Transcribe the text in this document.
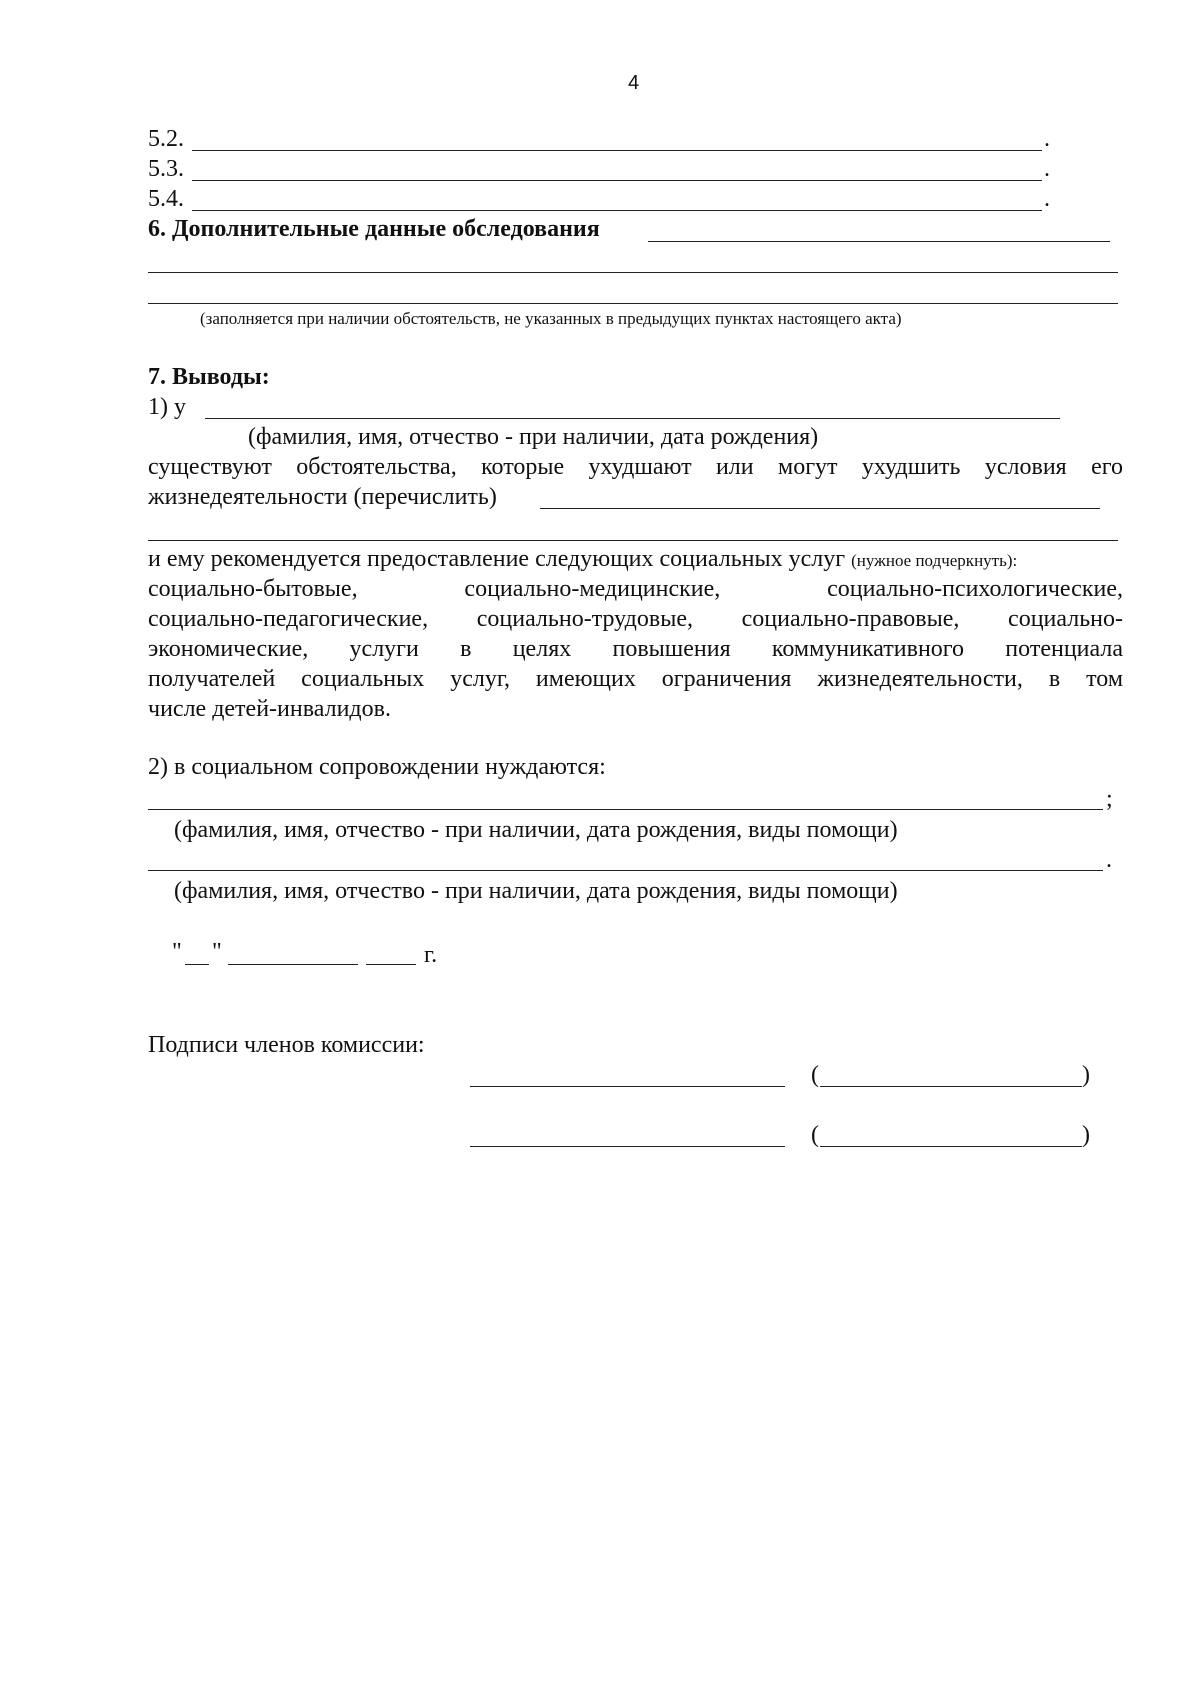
4
5.2.	.
5.3.	.
5.4.	.
6. Дополнительные данные обследования
(заполняется при наличии обстоятельств, не указанных в предыдущих пунктах настоящего акта)
7. Выводы:
1) у
(фамилия, имя, отчество - при наличии, дата рождения)
существуют обстоятельства, которые ухудшают или могут ухудшить условия его
жизнедеятельности (перечислить)
и ему рекомендуется предоставление следующих социальных услуг (нужное подчеркнуть):
социально-бытовые, социально-медицинские, социально-психологические,
социально-педагогические, социально-трудовые, социально-правовые, социально-
экономические, услуги в целях повышения коммуникативного потенциала
получателей социальных услуг, имеющих ограничения жизнедеятельности, в том
числе детей-инвалидов.
2) в социальном сопровождении нуждаются:
;
(фамилия, имя, отчество - при наличии, дата рождения, виды помощи)
.
(фамилия, имя, отчество - при наличии, дата рождения, виды помощи)
" "	г.
Подписи членов комиссии:
(	)
(	)
